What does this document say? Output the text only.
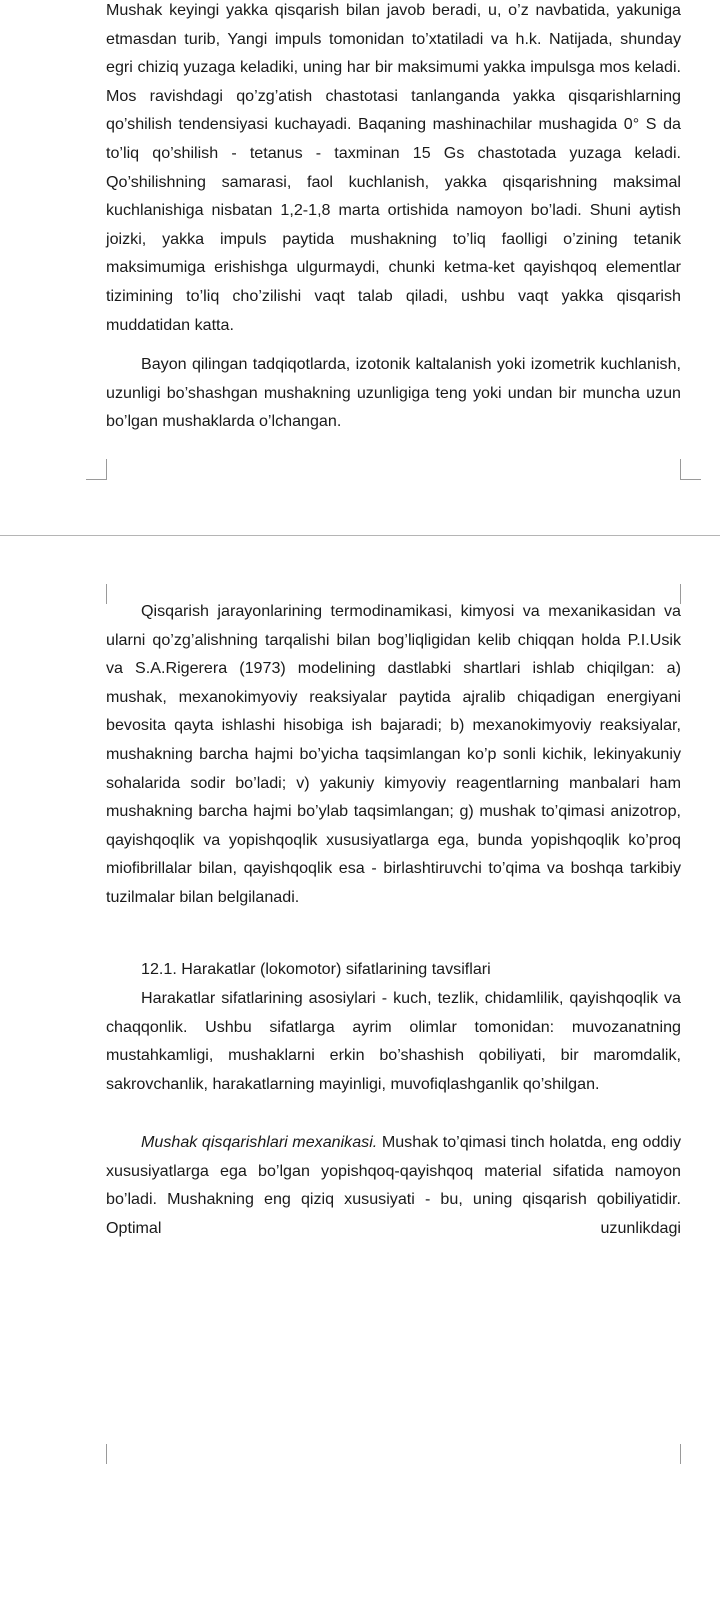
Mushak keyingi yakka qisqarish bilan javob beradi, u, o’z navbatida, yakuniga etmasdan turib, Yangi impuls tomonidan to’xtatiladi va h.k. Natijada, shunday egri chiziq yuzaga keladiki, uning har bir maksimumi yakka impulsga mos keladi. Mos ravishdagi qo’zg’atish chastotasi tanlanganda yakka qisqarishlarning qo’shilish tendensiyasi kuchayadi. Baqaning mashinachilar mushagida 0° S da to’liq qo’shilish - tetanus - taxminan 15 Gs chastotada yuzaga keladi. Qo’shilishning samarasi, faol kuchlanish, yakka qisqarishning maksimal kuchlanishiga nisbatan 1,2-1,8 marta ortishida namoyon bo’ladi. Shuni aytish joizki, yakka impuls paytida mushakning to’liq faolligi o’zining tetanik maksimumiga erishishga ulgurmaydi, chunki ketma-ket qayishqoq elementlar tizimining to’liq cho’zilishi vaqt talab qiladi, ushbu vaqt yakka qisqarish muddatidan katta.

Bayon qilingan tadqiqotlarda, izotonik kaltalanish yoki izometrik kuchlanish, uzunligi bo’shashgan mushakning uzunligiga teng yoki undan bir muncha uzun bo’lgan mushaklarda o’lchangan.

Qisqarish jarayonlarining termodinamikasi, kimyosi va mexanikasidan va ularni qo’zg’alishning tarqalishi bilan bog’liqligidan kelib chiqqan holda P.I.Usik va S.A.Rigerera (1973) modelining dastlabki shartlari ishlab chiqilgan: a) mushak, mexanokimyoviy reaksiyalar paytida ajralib chiqadigan energiyani bevosita qayta ishlashi hisobiga ish bajaradi; b) mexanokimyoviy reaksiyalar, mushakning barcha hajmi bo’yicha taqsimlangan ko’p sonli kichik, lekinyakuniy sohalarida sodir bo’ladi; v) yakuniy kimyoviy reagentlarning manbalari ham mushakning barcha hajmi bo’ylab taqsimlangan; g) mushak to’qimasi anizotrop, qayishqoqlik va yopishqoqlik xususiyatlarga ega, bunda yopishqoqlik ko’proq miofibrillalar bilan, qayishqoqlik esa - birlashtiruvchi to’qima va boshqa tarkibiy tuzilmalar bilan belgilanadi.

12.1. Harakatlar (lokomotor) sifatlarining tavsiflari

Harakatlar sifatlarining asosiylari - kuch, tezlik, chidamlilik, qayishqoqlik va chaqqonlik. Ushbu sifatlarga ayrim olimlar tomonidan: muvozanatning mustahkamligi, mushaklarni erkin bo’shashish qobiliyati, bir maromdalik, sakrovchanlik, harakatlarning mayinligi, muvofiqlashganlik qo’shilgan.

Mushak qisqarishlari mexanikasi. Mushak to’qimasi tinch holatda, eng oddiy xususiyatlarga ega bo’lgan yopishqoq-qayishqoq material sifatida namoyon bo’ladi. Mushakning eng qiziq xususiyati - bu, uning qisqarish qobiliyatidir. Optimal uzunlikdagi
